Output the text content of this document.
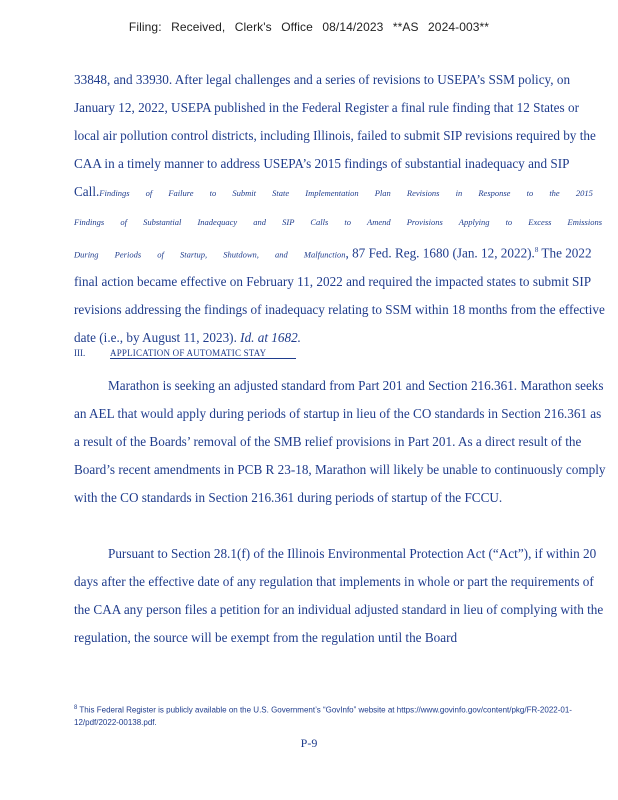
Filing: Received, Clerk's Office 08/14/2023 **AS 2024-003**

33848, and 33930. After legal challenges and a series of revisions to USEPA’s SSM policy, on January 12, 2022, USEPA published in the Federal Register a final rule finding that 12 States or local air pollution control districts, including Illinois, failed to submit SIP revisions required by the CAA in a timely manner to address USEPA’s 2015 findings of substantial inadequacy and SIP Call.Findings of Failure to Submit State Implementation Plan Revisions in Response to the 2015 Findings of Substantial Inadequacy and SIP Calls to Amend Provisions Applying to Excess Emissions During Periods of Startup, Shutdown, and Malfunction, 87 Fed. Reg. 1680 (Jan. 12, 2022).$^8$ The 2022 final action became effective on February 11, 2022 and required the impacted states to submit SIP revisions addressing the findings of inadequacy relating to SSM within 18 months from the effective date (i.e., by August 11, 2023). Id. at 1682.

III.	APPLICATION OF AUTOMATIC STAY

Marathon is seeking an adjusted standard from Part 201 and Section 216.361. Marathon seeks an AEL that would apply during periods of startup in lieu of the CO standards in Section 216.361 as a result of the Boards’ removal of the SMB relief provisions in Part 201. As a direct result of the Board’s recent amendments in PCB R 23-18, Marathon will likely be unable to continuously comply with the CO standards in Section 216.361 during periods of startup of the FCCU.

Pursuant to Section 28.1(f) of the Illinois Environmental Protection Act (“Act”), if within 20 days after the effective date of any regulation that implements in whole or part the requirements of the CAA any person files a petition for an individual adjusted standard in lieu of complying with the regulation, the source will be exempt from the regulation until the Board

$^8$ This Federal Register is publicly available on the U.S. Government’s “GovInfo” website at https://www.govinfo.gov/content/pkg/FR-2022-01-12/pdf/2022-00138.pdf.
P-9
